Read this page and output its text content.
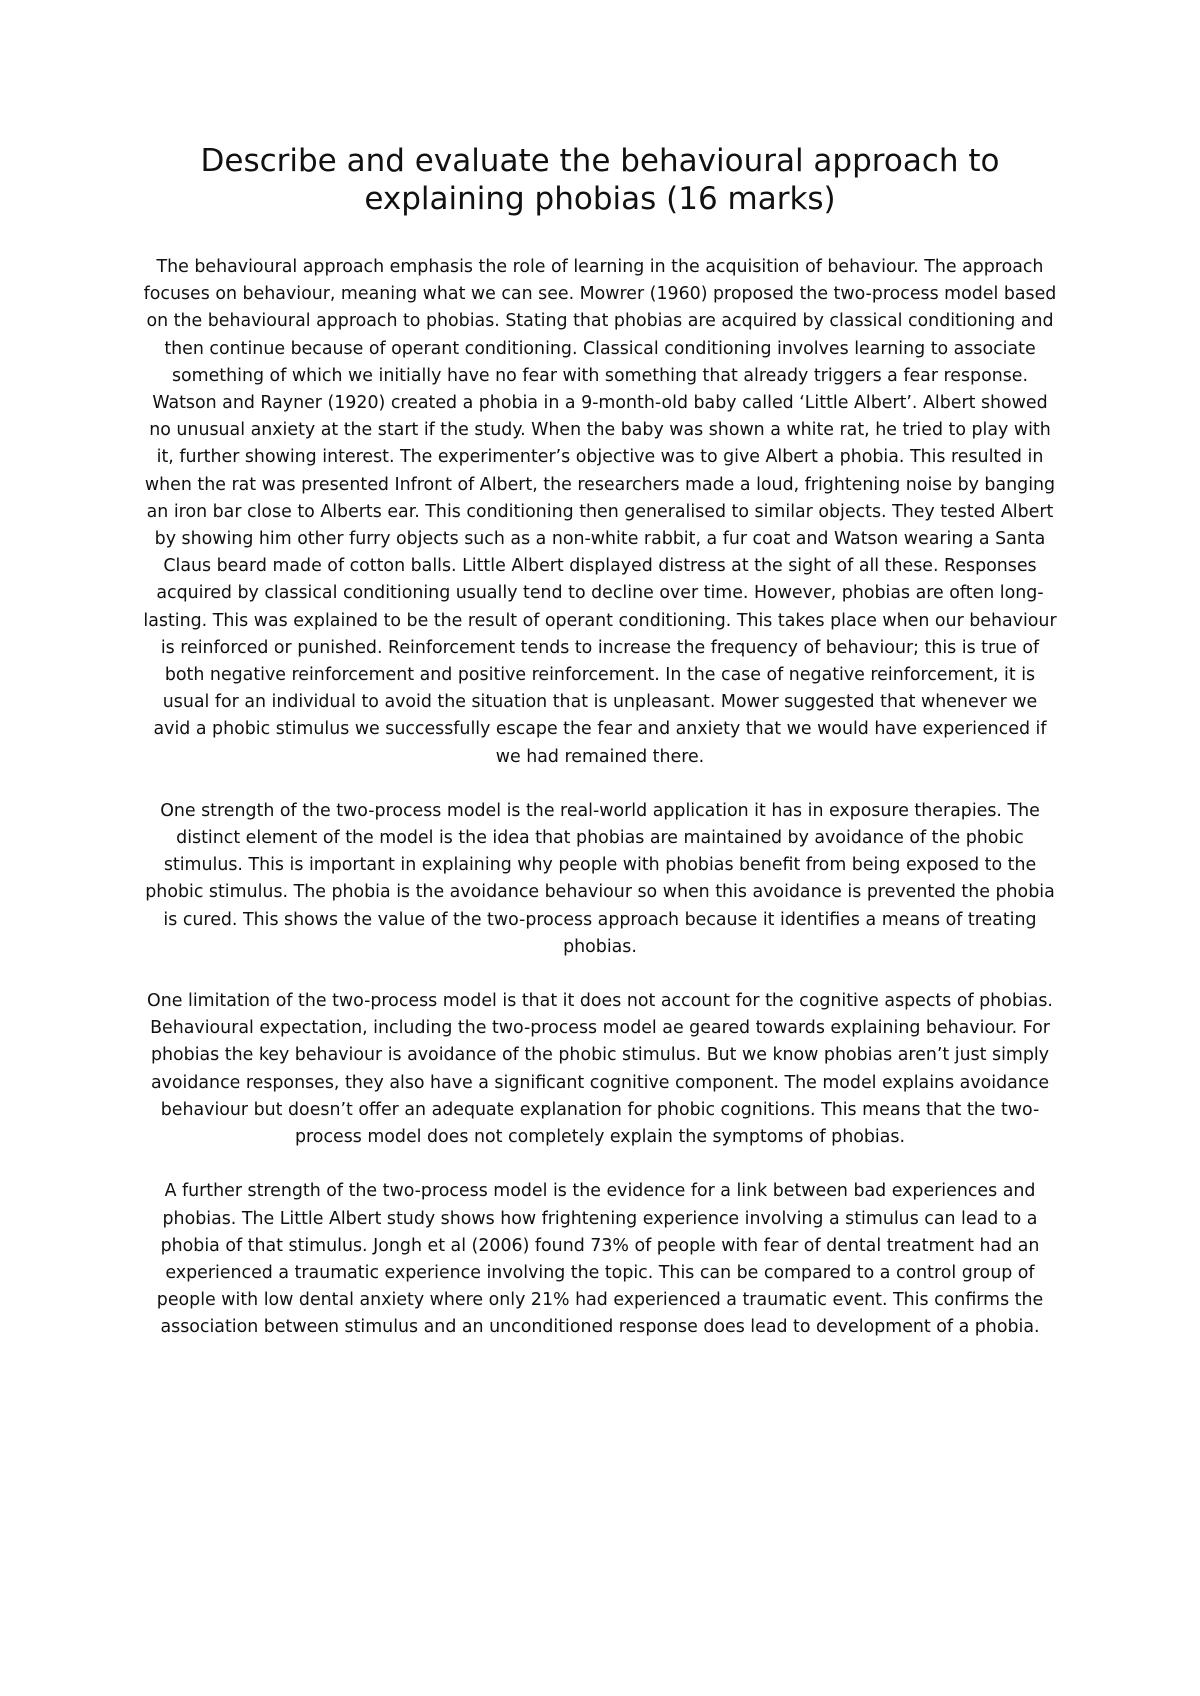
Describe and evaluate the behavioural approach to explaining phobias (16 marks)

The behavioural approach emphasis the role of learning in the acquisition of behaviour. The approach focuses on behaviour, meaning what we can see. Mowrer (1960) proposed the two-process model based on the behavioural approach to phobias. Stating that phobias are acquired by classical conditioning and then continue because of operant conditioning. Classical conditioning involves learning to associate something of which we initially have no fear with something that already triggers a fear response. Watson and Rayner (1920) created a phobia in a 9-month-old baby called ‘Little Albert’. Albert showed no unusual anxiety at the start if the study. When the baby was shown a white rat, he tried to play with it, further showing interest. The experimenter’s objective was to give Albert a phobia. This resulted in when the rat was presented Infront of Albert, the researchers made a loud, frightening noise by banging an iron bar close to Alberts ear. This conditioning then generalised to similar objects. They tested Albert by showing him other furry objects such as a non-white rabbit, a fur coat and Watson wearing a Santa Claus beard made of cotton balls. Little Albert displayed distress at the sight of all these. Responses acquired by classical conditioning usually tend to decline over time. However, phobias are often long-lasting. This was explained to be the result of operant conditioning. This takes place when our behaviour is reinforced or punished. Reinforcement tends to increase the frequency of behaviour; this is true of both negative reinforcement and positive reinforcement. In the case of negative reinforcement, it is usual for an individual to avoid the situation that is unpleasant. Mower suggested that whenever we avid a phobic stimulus we successfully escape the fear and anxiety that we would have experienced if we had remained there.

One strength of the two-process model is the real-world application it has in exposure therapies. The distinct element of the model is the idea that phobias are maintained by avoidance of the phobic stimulus. This is important in explaining why people with phobias benefit from being exposed to the phobic stimulus. The phobia is the avoidance behaviour so when this avoidance is prevented the phobia is cured. This shows the value of the two-process approach because it identifies a means of treating phobias.

One limitation of the two-process model is that it does not account for the cognitive aspects of phobias. Behavioural expectation, including the two-process model ae geared towards explaining behaviour. For phobias the key behaviour is avoidance of the phobic stimulus. But we know phobias aren’t just simply avoidance responses, they also have a significant cognitive component. The model explains avoidance behaviour but doesn’t offer an adequate explanation for phobic cognitions. This means that the two-process model does not completely explain the symptoms of phobias.

A further strength of the two-process model is the evidence for a link between bad experiences and phobias. The Little Albert study shows how frightening experience involving a stimulus can lead to a phobia of that stimulus. Jongh et al (2006) found 73% of people with fear of dental treatment had an experienced a traumatic experience involving the topic. This can be compared to a control group of people with low dental anxiety where only 21% had experienced a traumatic event. This confirms the association between stimulus and an unconditioned response does lead to development of a phobia.
